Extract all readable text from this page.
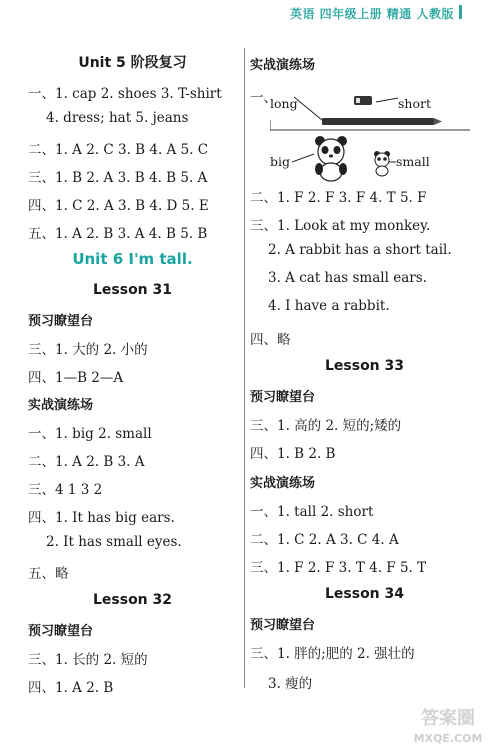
英语 四年级上册 精通 人教版
Unit 5 阶段复习
一、1. cap 2. shoes 3. T-shirt
4. dress; hat 5. jeans
二、1. A 2. C 3. B 4. A 5. C
三、1. B 2. A 3. B 4. B 5. A
四、1. C 2. A 3. B 4. D 5. E
五、1. A 2. B 3. A 4. B 5. B
Unit 6 I'm tall.
Lesson 31
预习瞭望台
三、1. 大的 2. 小的
四、1—B 2—A
实战演练场
一、1. big 2. small
二、1. A 2. B 3. A
三、4 1 3 2
四、1. It has big ears.
2. It has small eyes.
五、略
Lesson 32
预习瞭望台
三、1. 长的 2. 短的
四、1. A 2. B
实战演练场
一、
long	short
big	small
二、1. F 2. F 3. F 4. T 5. F
三、1. Look at my monkey.
2. A rabbit has a short tail.
3. A cat has small ears.
4. I have a rabbit.
四、略
Lesson 33
预习瞭望台
三、1. 高的 2. 短的;矮的
四、1. B 2. B
实战演练场
一、1. tall 2. short
二、1. C 2. A 3. C 4. A
三、1. F 2. F 3. T 4. F 5. T
Lesson 34
预习瞭望台
三、1. 胖的;肥的 2. 强壮的
3. 瘦的
答案圈
MXQE.COM
